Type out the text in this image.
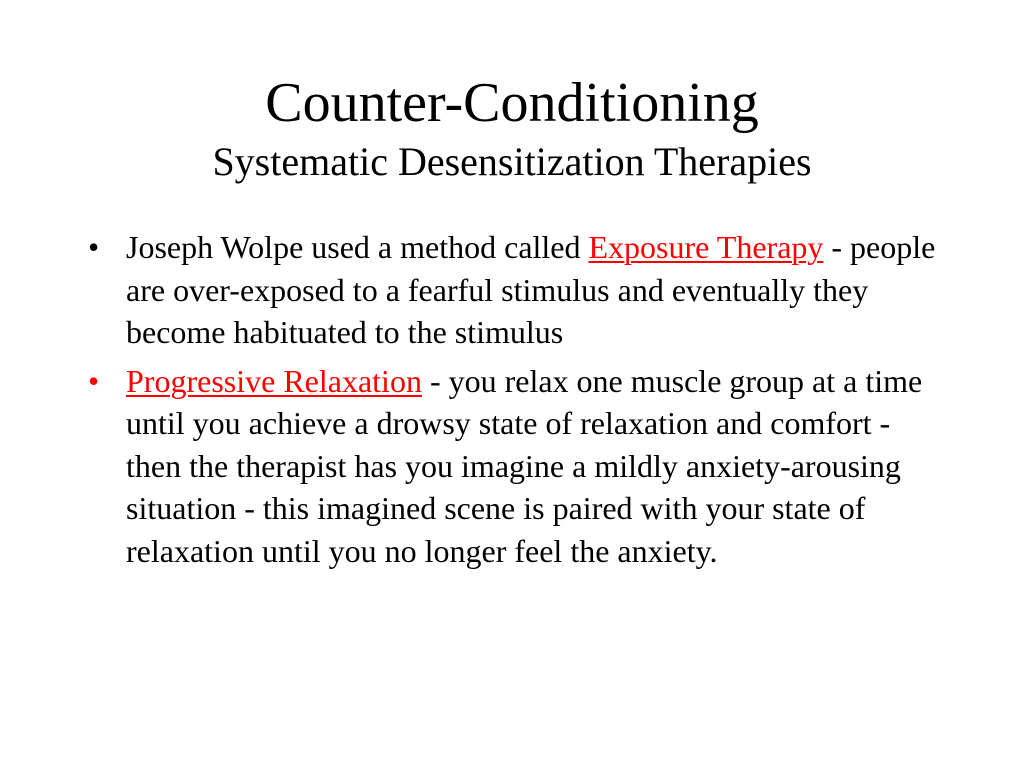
Counter-Conditioning
Systematic Desensitization Therapies
• Joseph Wolpe used a method called Exposure Therapy - people are over-exposed to a fearful stimulus and eventually they become habituated to the stimulus
• Progressive Relaxation - you relax one muscle group at a time until you achieve a drowsy state of relaxation and comfort - then the therapist has you imagine a mildly anxiety-arousing situation - this imagined scene is paired with your state of relaxation until you no longer feel the anxiety.
